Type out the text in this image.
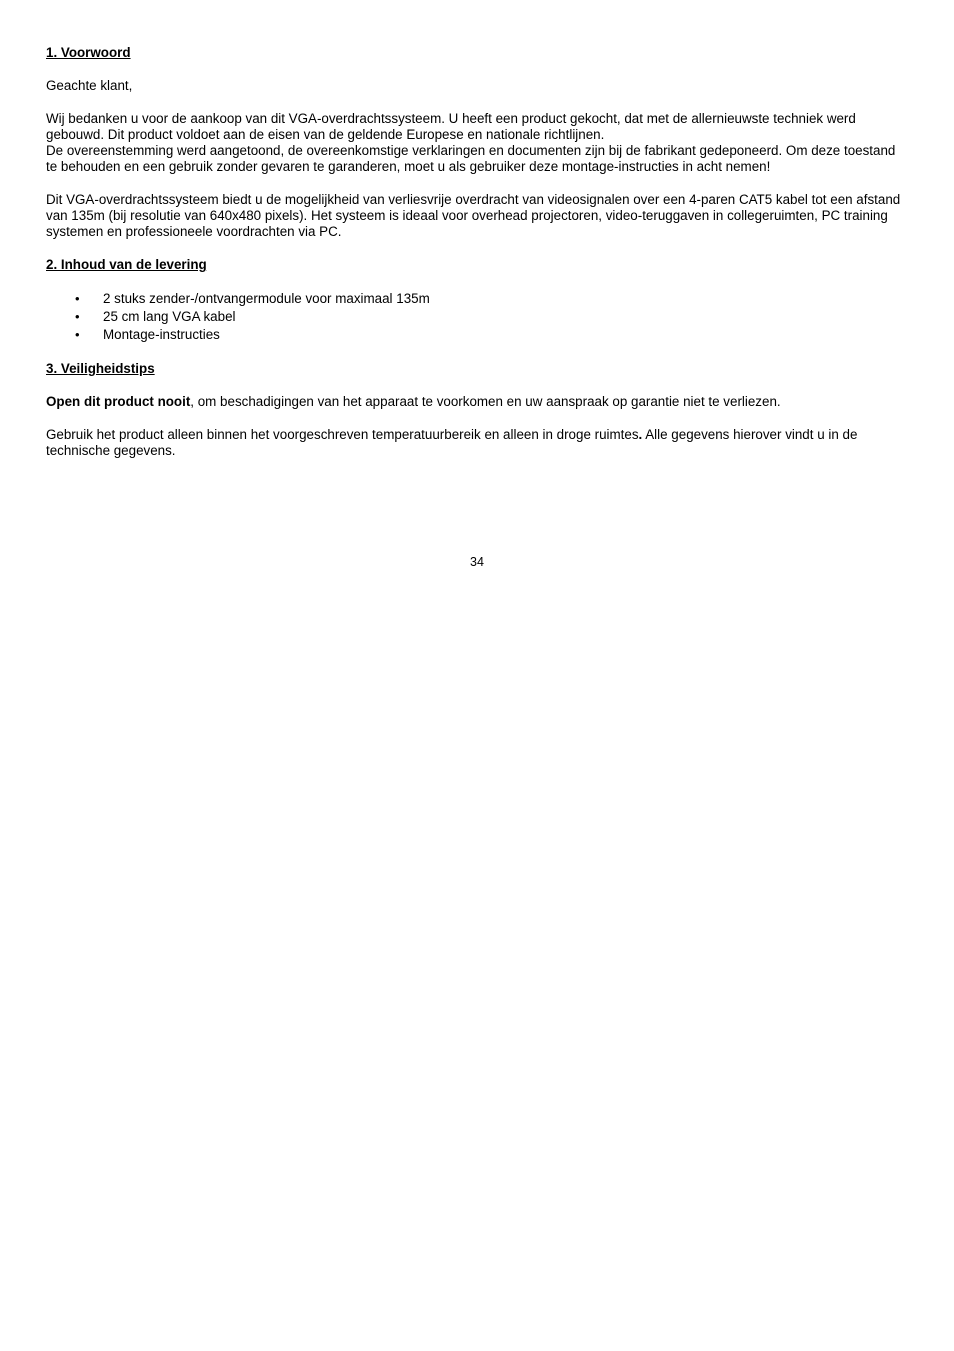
1. Voorwoord

Geachte klant,

Wij bedanken u voor de aankoop van dit VGA-overdrachtssysteem. U heeft een product gekocht, dat met de allernieuwste techniek werd gebouwd. Dit product voldoet aan de eisen van de geldende Europese en nationale richtlijnen.

De overeenstemming werd aangetoond, de overeenkomstige verklaringen en documenten zijn bij de fabrikant gedeponeerd. Om deze toestand te behouden en een gebruik zonder gevaren te garanderen, moet u als gebruiker deze montage-instructies in acht nemen!

Dit VGA-overdrachtssysteem biedt u de mogelijkheid van verliesvrije overdracht van videosignalen over een 4-paren CAT5 kabel tot een afstand van 135m (bij resolutie van 640x480 pixels). Het systeem is ideaal voor overhead projectoren, video-teruggaven in collegeruimten, PC training systemen en professioneele voordrachten via PC.

2. Inhoud van de levering
• 2 stuks zender-/ontvangermodule voor maximaal 135m
• 25 cm lang VGA kabel
• Montage-instructies
3. Veiligheidstips

Open dit product nooit, om beschadigingen van het apparaat te voorkomen en uw aanspraak op garantie niet te verliezen.

Gebruik het product alleen binnen het voorgeschreven temperatuurbereik en alleen in droge ruimtes. Alle gegevens hierover vindt u in de technische gegevens.

34
